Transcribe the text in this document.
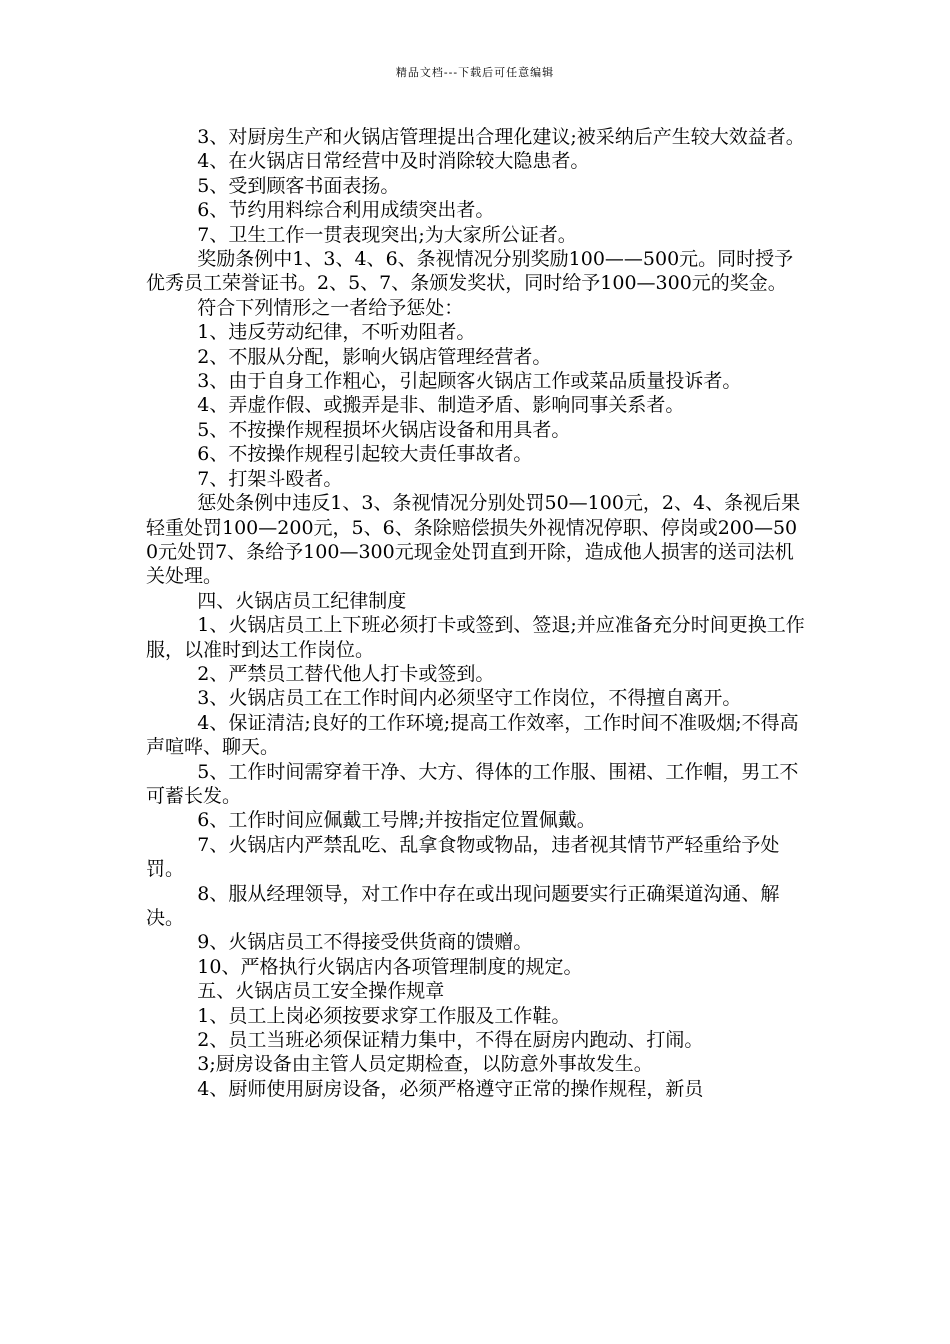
精品文档---下载后可任意编辑

3、对厨房生产和火锅店管理提出合理化建议;被采纳后产生较大效益者。

4、在火锅店日常经营中及时消除较大隐患者。

5、受到顾客书面表扬。

6、节约用料综合利用成绩突出者。

7、卫生工作一贯表现突出;为大家所公证者。

奖励条例中1、3、4、6、条视情况分别奖励100——500元。同时授予优秀员工荣誉证书。2、5、7、条颁发奖状，同时给予100—300元的奖金。

符合下列情形之一者给予惩处：

1、违反劳动纪律，不听劝阻者。

2、不服从分配，影响火锅店管理经营者。

3、由于自身工作粗心，引起顾客火锅店工作或菜品质量投诉者。

4、弄虚作假、或搬弄是非、制造矛盾、影响同事关系者。

5、不按操作规程损坏火锅店设备和用具者。

6、不按操作规程引起较大责任事故者。

7、打架斗殴者。

惩处条例中违反1、3、条视情况分别处罚50—100元，2、4、条视后果轻重处罚100—200元，5、6、条除赔偿损失外视情况停职、停岗或200—500元处罚7、条给予100—300元现金处罚直到开除，造成他人损害的送司法机关处理。

四、火锅店员工纪律制度

1、火锅店员工上下班必须打卡或签到、签退;并应准备充分时间更换工作服，以准时到达工作岗位。

2、严禁员工替代他人打卡或签到。

3、火锅店员工在工作时间内必须坚守工作岗位，不得擅自离开。

4、保证清洁;良好的工作环境;提高工作效率，工作时间不准吸烟;不得高声喧哗、聊天。

5、工作时间需穿着干净、大方、得体的工作服、围裙、工作帽，男工不可蓄长发。

6、工作时间应佩戴工号牌;并按指定位置佩戴。

7、火锅店内严禁乱吃、乱拿食物或物品，违者视其情节严轻重给予处罚。

8、服从经理领导，对工作中存在或出现问题要实行正确渠道沟通、解决。

9、火锅店员工不得接受供货商的馈赠。

10、严格执行火锅店内各项管理制度的规定。

五、火锅店员工安全操作规章

1、员工上岗必须按要求穿工作服及工作鞋。

2、员工当班必须保证精力集中，不得在厨房内跑动、打闹。

3;厨房设备由主管人员定期检查，以防意外事故发生。

4、厨师使用厨房设备，必须严格遵守正常的操作规程，新员
